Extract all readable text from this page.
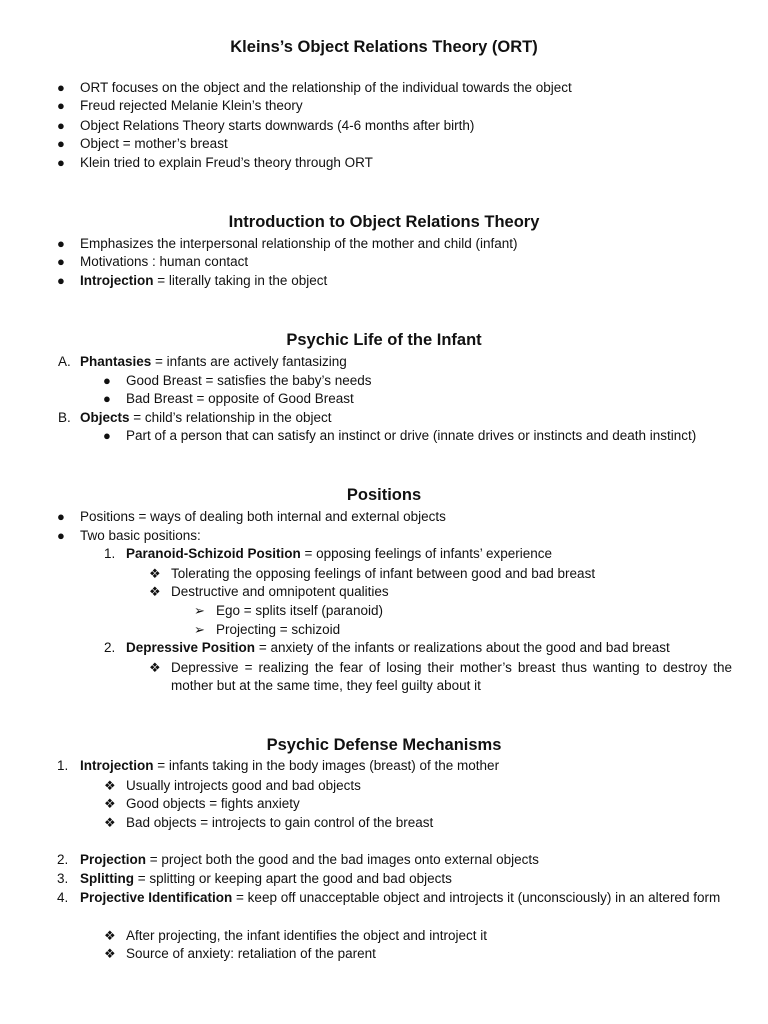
Kleins’s Object Relations Theory (ORT)
● ORT focuses on the object and the relationship of the individual towards the object
● Freud rejected Melanie Klein’s theory
● Object Relations Theory starts downwards (4-6 months after birth)
● Object = mother’s breast
● Klein tried to explain Freud’s theory through ORT
Introduction to Object Relations Theory
● Emphasizes the interpersonal relationship of the mother and child (infant)
● Motivations : human contact
● Introjection = literally taking in the object
Psychic Life of the Infant
A. Phantasies = infants are actively fantasizing
● Good Breast = satisfies the baby’s needs
● Bad Breast = opposite of Good Breast
B. Objects = child’s relationship in the object
● Part of a person that can satisfy an instinct or drive (innate drives or instincts and death instinct)
Positions
● Positions = ways of dealing both internal and external objects
● Two basic positions:
1. Paranoid-Schizoid Position = opposing feelings of infants’ experience
❖ Tolerating the opposing feelings of infant between good and bad breast
❖ Destructive and omnipotent qualities
➢ Ego = splits itself (paranoid)
➢ Projecting = schizoid
2. Depressive Position = anxiety of the infants or realizations about the good and bad breast
❖ Depressive = realizing the fear of losing their mother’s breast thus wanting to destroy the mother but at the same time, they feel guilty about it
Psychic Defense Mechanisms
1. Introjection = infants taking in the body images (breast) of the mother
❖ Usually introjects good and bad objects
❖ Good objects = fights anxiety
❖ Bad objects = introjects to gain control of the breast
2. Projection = project both the good and the bad images onto external objects
3. Splitting = splitting or keeping apart the good and bad objects
4. Projective Identification = keep off unacceptable object and introjects it (unconsciously) in an altered form
❖ After projecting, the infant identifies the object and introject it
❖ Source of anxiety: retaliation of the parent
